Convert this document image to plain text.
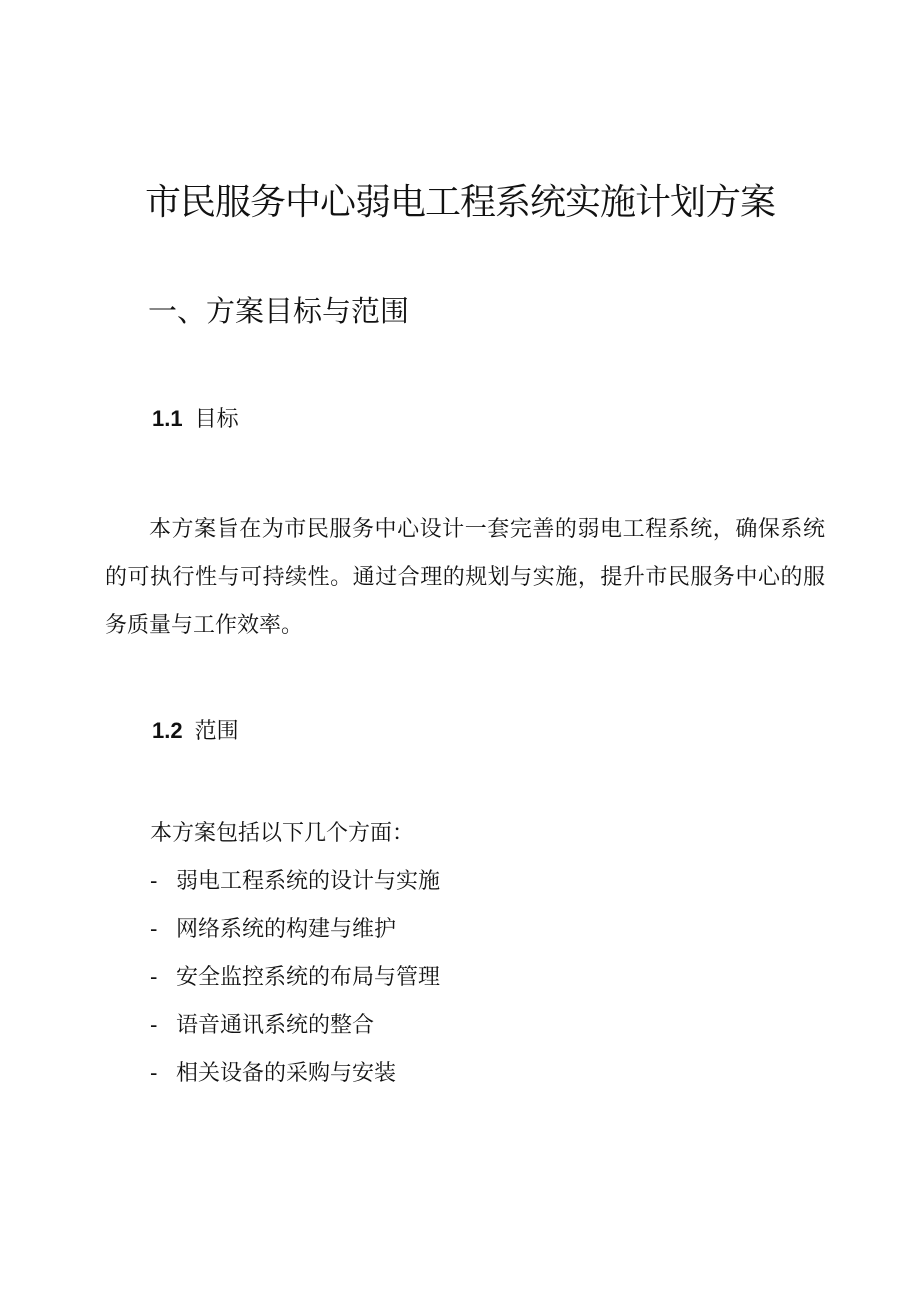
市民服务中心弱电工程系统实施计划方案
一、方案目标与范围
1.1 目标

本方案旨在为市民服务中心设计一套完善的弱电工程系统，确保系统的可执行性与可持续性。通过合理的规划与实施，提升市民服务中心的服务质量与工作效率。

1.2 范围
本方案包括以下几个方面：
- 弱电工程系统的设计与实施
- 网络系统的构建与维护
- 安全监控系统的布局与管理
- 语音通讯系统的整合
- 相关设备的采购与安装
